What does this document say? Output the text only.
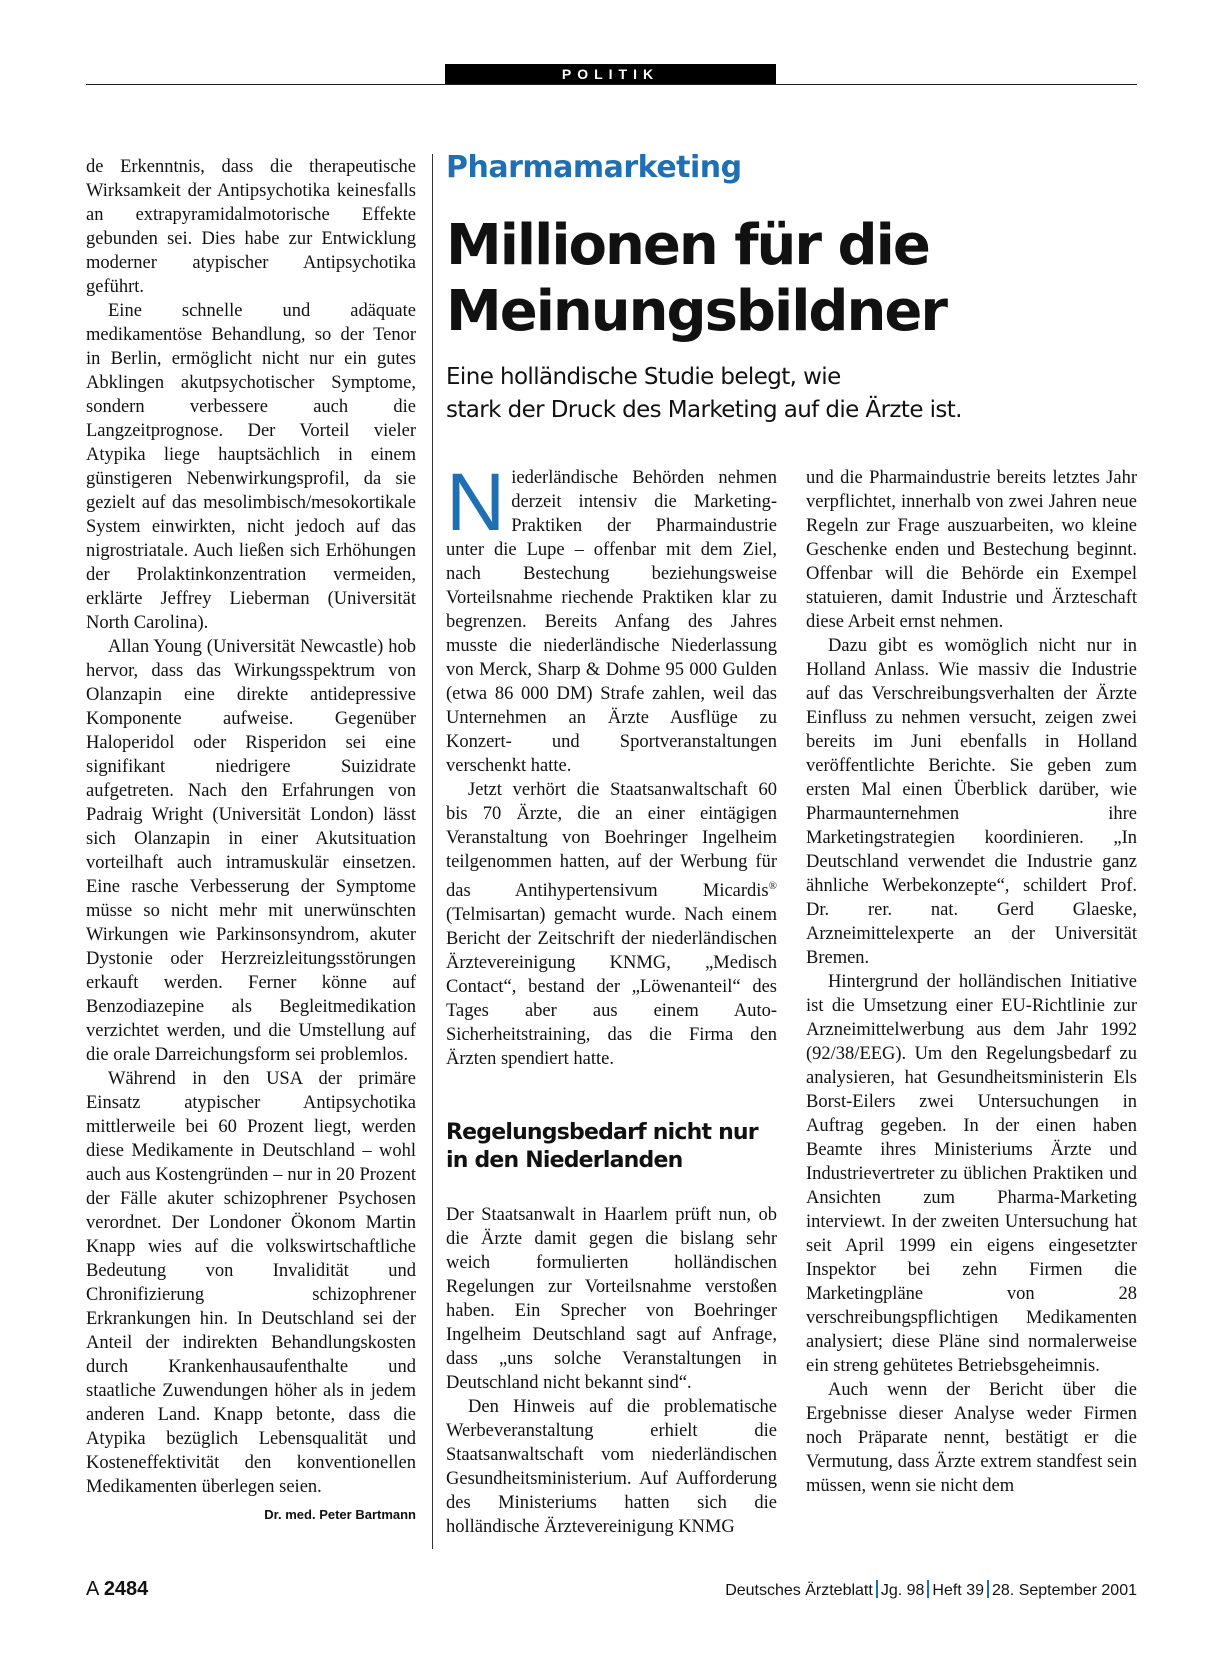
POLITIK

de Erkenntnis, dass die therapeutische Wirksamkeit der Antipsychotika keinesfalls an extrapyramidalmotorische Effekte gebunden sei. Dies habe zur Entwicklung moderner atypischer Antipsychotika geführt.

Eine schnelle und adäquate medikamentöse Behandlung, so der Tenor in Berlin, ermöglicht nicht nur ein gutes Abklingen akutpsychotischer Symptome, sondern verbessere auch die Langzeitprognose. Der Vorteil vieler Atypika liege hauptsächlich in einem günstigeren Nebenwirkungsprofil, da sie gezielt auf das mesolimbisch/mesokortikale System einwirkten, nicht jedoch auf das nigrostriatale. Auch ließen sich Erhöhungen der Prolaktinkonzentration vermeiden, erklärte Jeffrey Lieberman (Universität North Carolina).

Allan Young (Universität Newcastle) hob hervor, dass das Wirkungsspektrum von Olanzapin eine direkte antidepressive Komponente aufweise. Gegenüber Haloperidol oder Risperidon sei eine signifikant niedrigere Suizidrate aufgetreten. Nach den Erfahrungen von Padraig Wright (Universität London) lässt sich Olanzapin in einer Akutsituation vorteilhaft auch intramuskulär einsetzen. Eine rasche Verbesserung der Symptome müsse so nicht mehr mit unerwünschten Wirkungen wie Parkinsonsyndrom, akuter Dystonie oder Herzreizleitungsstörungen erkauft werden. Ferner könne auf Benzodiazepine als Begleitmedikation verzichtet werden, und die Umstellung auf die orale Darreichungsform sei problemlos.

Während in den USA der primäre Einsatz atypischer Antipsychotika mittlerweile bei 60 Prozent liegt, werden diese Medikamente in Deutschland – wohl auch aus Kostengründen – nur in 20 Prozent der Fälle akuter schizophrener Psychosen verordnet. Der Londoner Ökonom Martin Knapp wies auf die volkswirtschaftliche Bedeutung von Invalidität und Chronifizierung schizophrener Erkrankungen hin. In Deutschland sei der Anteil der indirekten Behandlungskosten durch Krankenhausaufenthalte und staatliche Zuwendungen höher als in jedem anderen Land. Knapp betonte, dass die Atypika bezüglich Lebensqualität und Kosteneffektivität den konventionellen Medikamenten überlegen seien.
Dr. med. Peter Bartmann

Pharmamarketing
Millionen für die
Meinungsbildner

Eine holländische Studie belegt, wie
stark der Druck des Marketing auf die Ärzte ist.

Niederländische Behörden nehmen derzeit intensiv die Marketing-Praktiken der Pharmaindustrie unter die Lupe – offenbar mit dem Ziel, nach Bestechung beziehungsweise Vorteilsnahme riechende Praktiken klar zu begrenzen. Bereits Anfang des Jahres musste die niederländische Niederlassung von Merck, Sharp & Dohme 95 000 Gulden (etwa 86 000 DM) Strafe zahlen, weil das Unternehmen an Ärzte Ausflüge zu Konzert- und Sportveranstaltungen verschenkt hatte.

Jetzt verhört die Staatsanwaltschaft 60 bis 70 Ärzte, die an einer eintägigen Veranstaltung von Boehringer Ingelheim teilgenommen hatten, auf der Werbung für das Antihypertensivum Micardis® (Telmisartan) gemacht wurde. Nach einem Bericht der Zeitschrift der niederländischen Ärztevereinigung KNMG, „Medisch Contact“, bestand der „Löwenanteil“ des Tages aber aus einem Auto-Sicherheitstraining, das die Firma den Ärzten spendiert hatte.

Regelungsbedarf nicht nur in den Niederlanden

Der Staatsanwalt in Haarlem prüft nun, ob die Ärzte damit gegen die bislang sehr weich formulierten holländischen Regelungen zur Vorteilsnahme verstoßen haben. Ein Sprecher von Boehringer Ingelheim Deutschland sagt auf Anfrage, dass „uns solche Veranstaltungen in Deutschland nicht bekannt sind“.

Den Hinweis auf die problematische Werbeveranstaltung erhielt die Staatsanwaltschaft vom niederländischen Gesundheitsministerium. Auf Aufforderung des Ministeriums hatten sich die holländische Ärztevereinigung KNMG

und die Pharmaindustrie bereits letztes Jahr verpflichtet, innerhalb von zwei Jahren neue Regeln zur Frage auszuarbeiten, wo kleine Geschenke enden und Bestechung beginnt. Offenbar will die Behörde ein Exempel statuieren, damit Industrie und Ärzteschaft diese Arbeit ernst nehmen.

Dazu gibt es womöglich nicht nur in Holland Anlass. Wie massiv die Industrie auf das Verschreibungsverhalten der Ärzte Einfluss zu nehmen versucht, zeigen zwei bereits im Juni ebenfalls in Holland veröffentlichte Berichte. Sie geben zum ersten Mal einen Überblick darüber, wie Pharmaunternehmen ihre Marketingstrategien koordinieren. „In Deutschland verwendet die Industrie ganz ähnliche Werbekonzepte“, schildert Prof. Dr. rer. nat. Gerd Glaeske, Arzneimittelexperte an der Universität Bremen.

Hintergrund der holländischen Initiative ist die Umsetzung einer EU-Richtlinie zur Arzneimittelwerbung aus dem Jahr 1992 (92/38/EEG). Um den Regelungsbedarf zu analysieren, hat Gesundheitsministerin Els Borst-Eilers zwei Untersuchungen in Auftrag gegeben. In der einen haben Beamte ihres Ministeriums Ärzte und Industrievertreter zu üblichen Praktiken und Ansichten zum Pharma-Marketing interviewt. In der zweiten Untersuchung hat seit April 1999 ein eigens eingesetzter Inspektor bei zehn Firmen die Marketingpläne von 28 verschreibungspflichtigen Medikamenten analysiert; diese Pläne sind normalerweise ein streng gehütetes Betriebsgeheimnis.

Auch wenn der Bericht über die Ergebnisse dieser Analyse weder Firmen noch Präparate nennt, bestätigt er die Vermutung, dass Ärzte extrem standfest sein müssen, wenn sie nicht dem

A 2484	Deutsches Ärzteblatt Jg. 98 Heft 39 28. September 2001
